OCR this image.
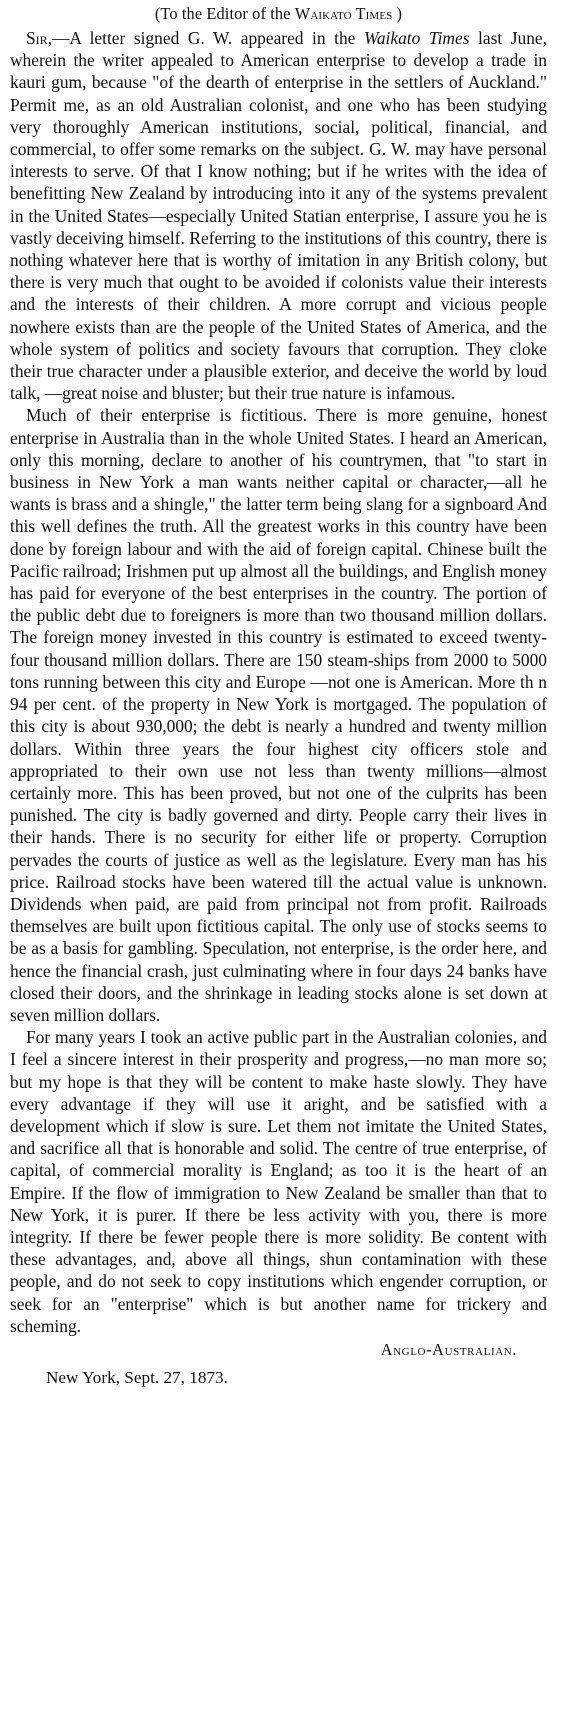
(To the Editor of the Waikato Times )

Sir,—A letter signed G. W. appeared in the Waikato Times last June, wherein the writer appealed to American enterprise to develop a trade in kauri gum, because "of the dearth of enterprise in the settlers of Auckland." Permit me, as an old Australian colonist, and one who has been studying very thoroughly American institutions, social, political, financial, and commercial, to offer some remarks on the subject. G. W. may have personal interests to serve. Of that I know nothing; but if he writes with the idea of benefitting New Zealand by introducing into it any of the systems prevalent in the United States—especially United Statian enterprise, I assure you he is vastly deceiving himself. Referring to the institutions of this country, there is nothing whatever here that is worthy of imitation in any British colony, but there is very much that ought to be avoided if colonists value their interests and the interests of their children. A more corrupt and vicious people nowhere exists than are the people of the United States of America, and the whole system of politics and society favours that corruption. They cloke their true character under a plausible exterior, and deceive the world by loud talk, —great noise and bluster; but their true nature is infamous.

Much of their enterprise is fictitious. There is more genuine, honest enterprise in Australia than in the whole United States. I heard an American, only this morning, declare to another of his countrymen, that "to start in business in New York a man wants neither capital or character,—all he wants is brass and a shingle," the latter term being slang for a signboard And this well defines the truth. All the greatest works in this country have been done by foreign labour and with the aid of foreign capital. Chinese built the Pacific railroad; Irishmen put up almost all the buildings, and English money has paid for everyone of the best enterprises in the country. The portion of the public debt due to foreigners is more than two thousand million dollars. The foreign money invested in this country is estimated to exceed twenty-four thousand million dollars. There are 150 steam-ships from 2000 to 5000 tons running between this city and Europe —not one is American. More th n 94 per cent. of the property in New York is mortgaged. The population of this city is about 930,000; the debt is nearly a hundred and twenty million dollars. Within three years the four highest city officers stole and appropriated to their own use not less than twenty millions—almost certainly more. This has been proved, but not one of the culprits has been punished. The city is badly governed and dirty. People carry their lives in their hands. There is no security for either life or property. Corruption pervades the courts of justice as well as the legislature. Every man has his price. Railroad stocks have been watered till the actual value is unknown. Dividends when paid, are paid from principal not from profit. Railroads themselves are built upon fictitious capital. The only use of stocks seems to be as a basis for gambling. Speculation, not enterprise, is the order here, and hence the financial crash, just culminating where in four days 24 banks have closed their doors, and the shrinkage in leading stocks alone is set down at seven million dollars.

For many years I took an active public part in the Australian colonies, and I feel a sincere interest in their prosperity and progress,—no man more so; but my hope is that they will be content to make haste slowly. They have every advantage if they will use it aright, and be satisfied with a development which if slow is sure. Let them not imitate the United States, and sacrifice all that is honorable and solid. The centre of true enterprise, of capital, of commercial morality is England; as too it is the heart of an Empire. If the flow of immigration to New Zealand be smaller than that to New York, it is purer. If there be less activity with you, there is more integrity. If there be fewer people there is more solidity. Be content with these advantages, and, above all things, shun contamination with these people, and do not seek to copy institutions which engender corruption, or seek for an "enterprise" which is but another name for trickery and scheming.

Anglo-Australian.
New York, Sept. 27, 1873.
